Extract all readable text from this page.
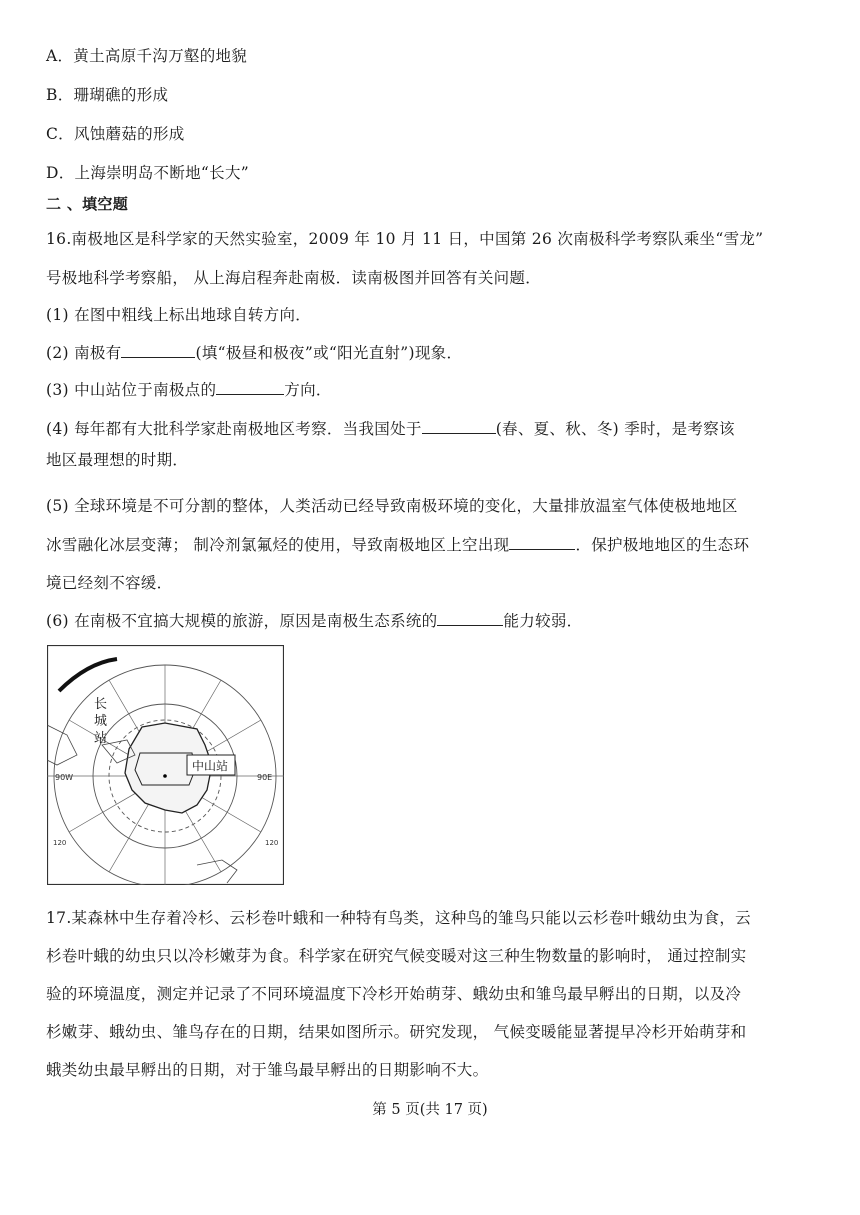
A．黄土高原千沟万壑的地貌
B．珊瑚礁的形成
C．风蚀蘑菇的形成
D．上海崇明岛不断地“长大”
二 、填空题
16.南极地区是科学家的天然实验室，2009 年 10 月 11 日，中国第 26 次南极科学考察队乘坐“雪龙”
号极地科学考察船， 从上海启程奔赴南极．读南极图并回答有关问题．
(1) 在图中粗线上标出地球自转方向．
(2) 南极有	(填“极昼和极夜”或“阳光直射”)现象．
(3) 中山站位于南极点的	方向．
(4) 每年都有大批科学家赴南极地区考察．当我国处于	(春、夏、秋、冬) 季时，是考察该
地区最理想的时期．
(5) 全球环境是不可分割的整体，人类活动已经导致南极环境的变化，大量排放温室气体使极地地区
冰雪融化冰层变薄； 制冷剂氯氟烃的使用，导致南极地区上空出现	．保护极地地区的生态环
境已经刻不容缓．
(6) 在南极不宜搞大规模的旅游，原因是南极生态系统的	能力较弱．
中山站
长
城
站
90W	90E
120	120
17.某森林中生存着冷杉、云杉卷叶蛾和一种特有鸟类，这种鸟的雏鸟只能以云杉卷叶蛾幼虫为食，云
杉卷叶蛾的幼虫只以冷杉嫩芽为食。科学家在研究气候变暖对这三种生物数量的影响时， 通过控制实
验的环境温度，测定并记录了不同环境温度下冷杉开始萌芽、蛾幼虫和雏鸟最早孵出的日期，以及冷
杉嫩芽、蛾幼虫、雏鸟存在的日期，结果如图所示。研究发现， 气候变暖能显著提早冷杉开始萌芽和
蛾类幼虫最早孵出的日期，对于雏鸟最早孵出的日期影响不大。
第 5 页(共 17 页)
